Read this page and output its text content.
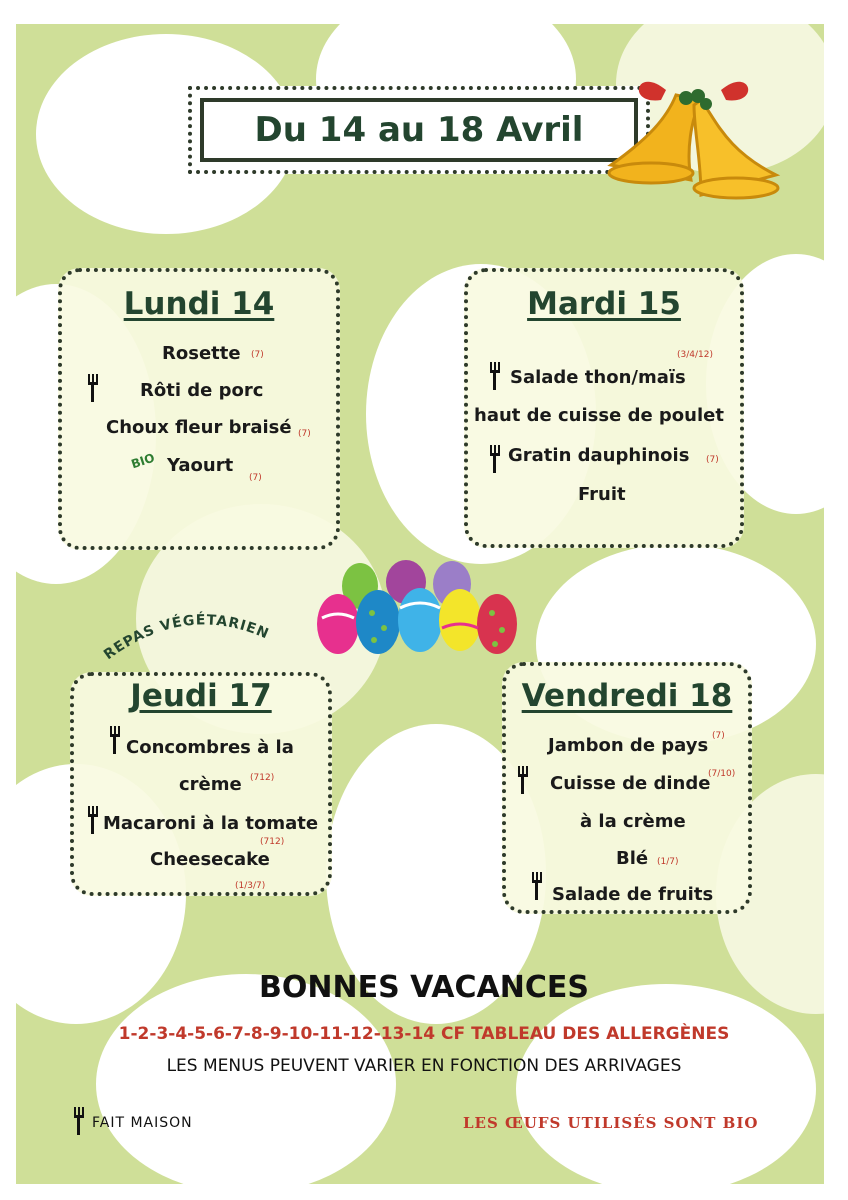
Du 14 au 18 Avril
Lundi 14
Rosette (7)
Rôti de porc
Choux fleur braisé (7)
BIO Yaourt
(7)
Mardi 15
(3/4/12)
Salade thon/maïs
haut de cuisse de poulet
Gratin dauphinois (7)
Fruit
REPAS VÉGÉTARIEN
Jeudi 17
Concombres à la
crème (712)
Macaroni à la tomate
(712)
Cheesecake
(1/3/7)
Vendredi 18
Jambon de pays (7)
Cuisse de dinde
(7/10)
à la crème
Blé (1/7)
Salade de fruits
BONNES VACANCES
1-2-3-4-5-6-7-8-9-10-11-12-13-14 CF TABLEAU DES ALLERGÈNES
LES MENUS PEUVENT VARIER EN FONCTION DES ARRIVAGES
FAIT MAISON	LES ŒUFS UTILISÉS SONT BIO
